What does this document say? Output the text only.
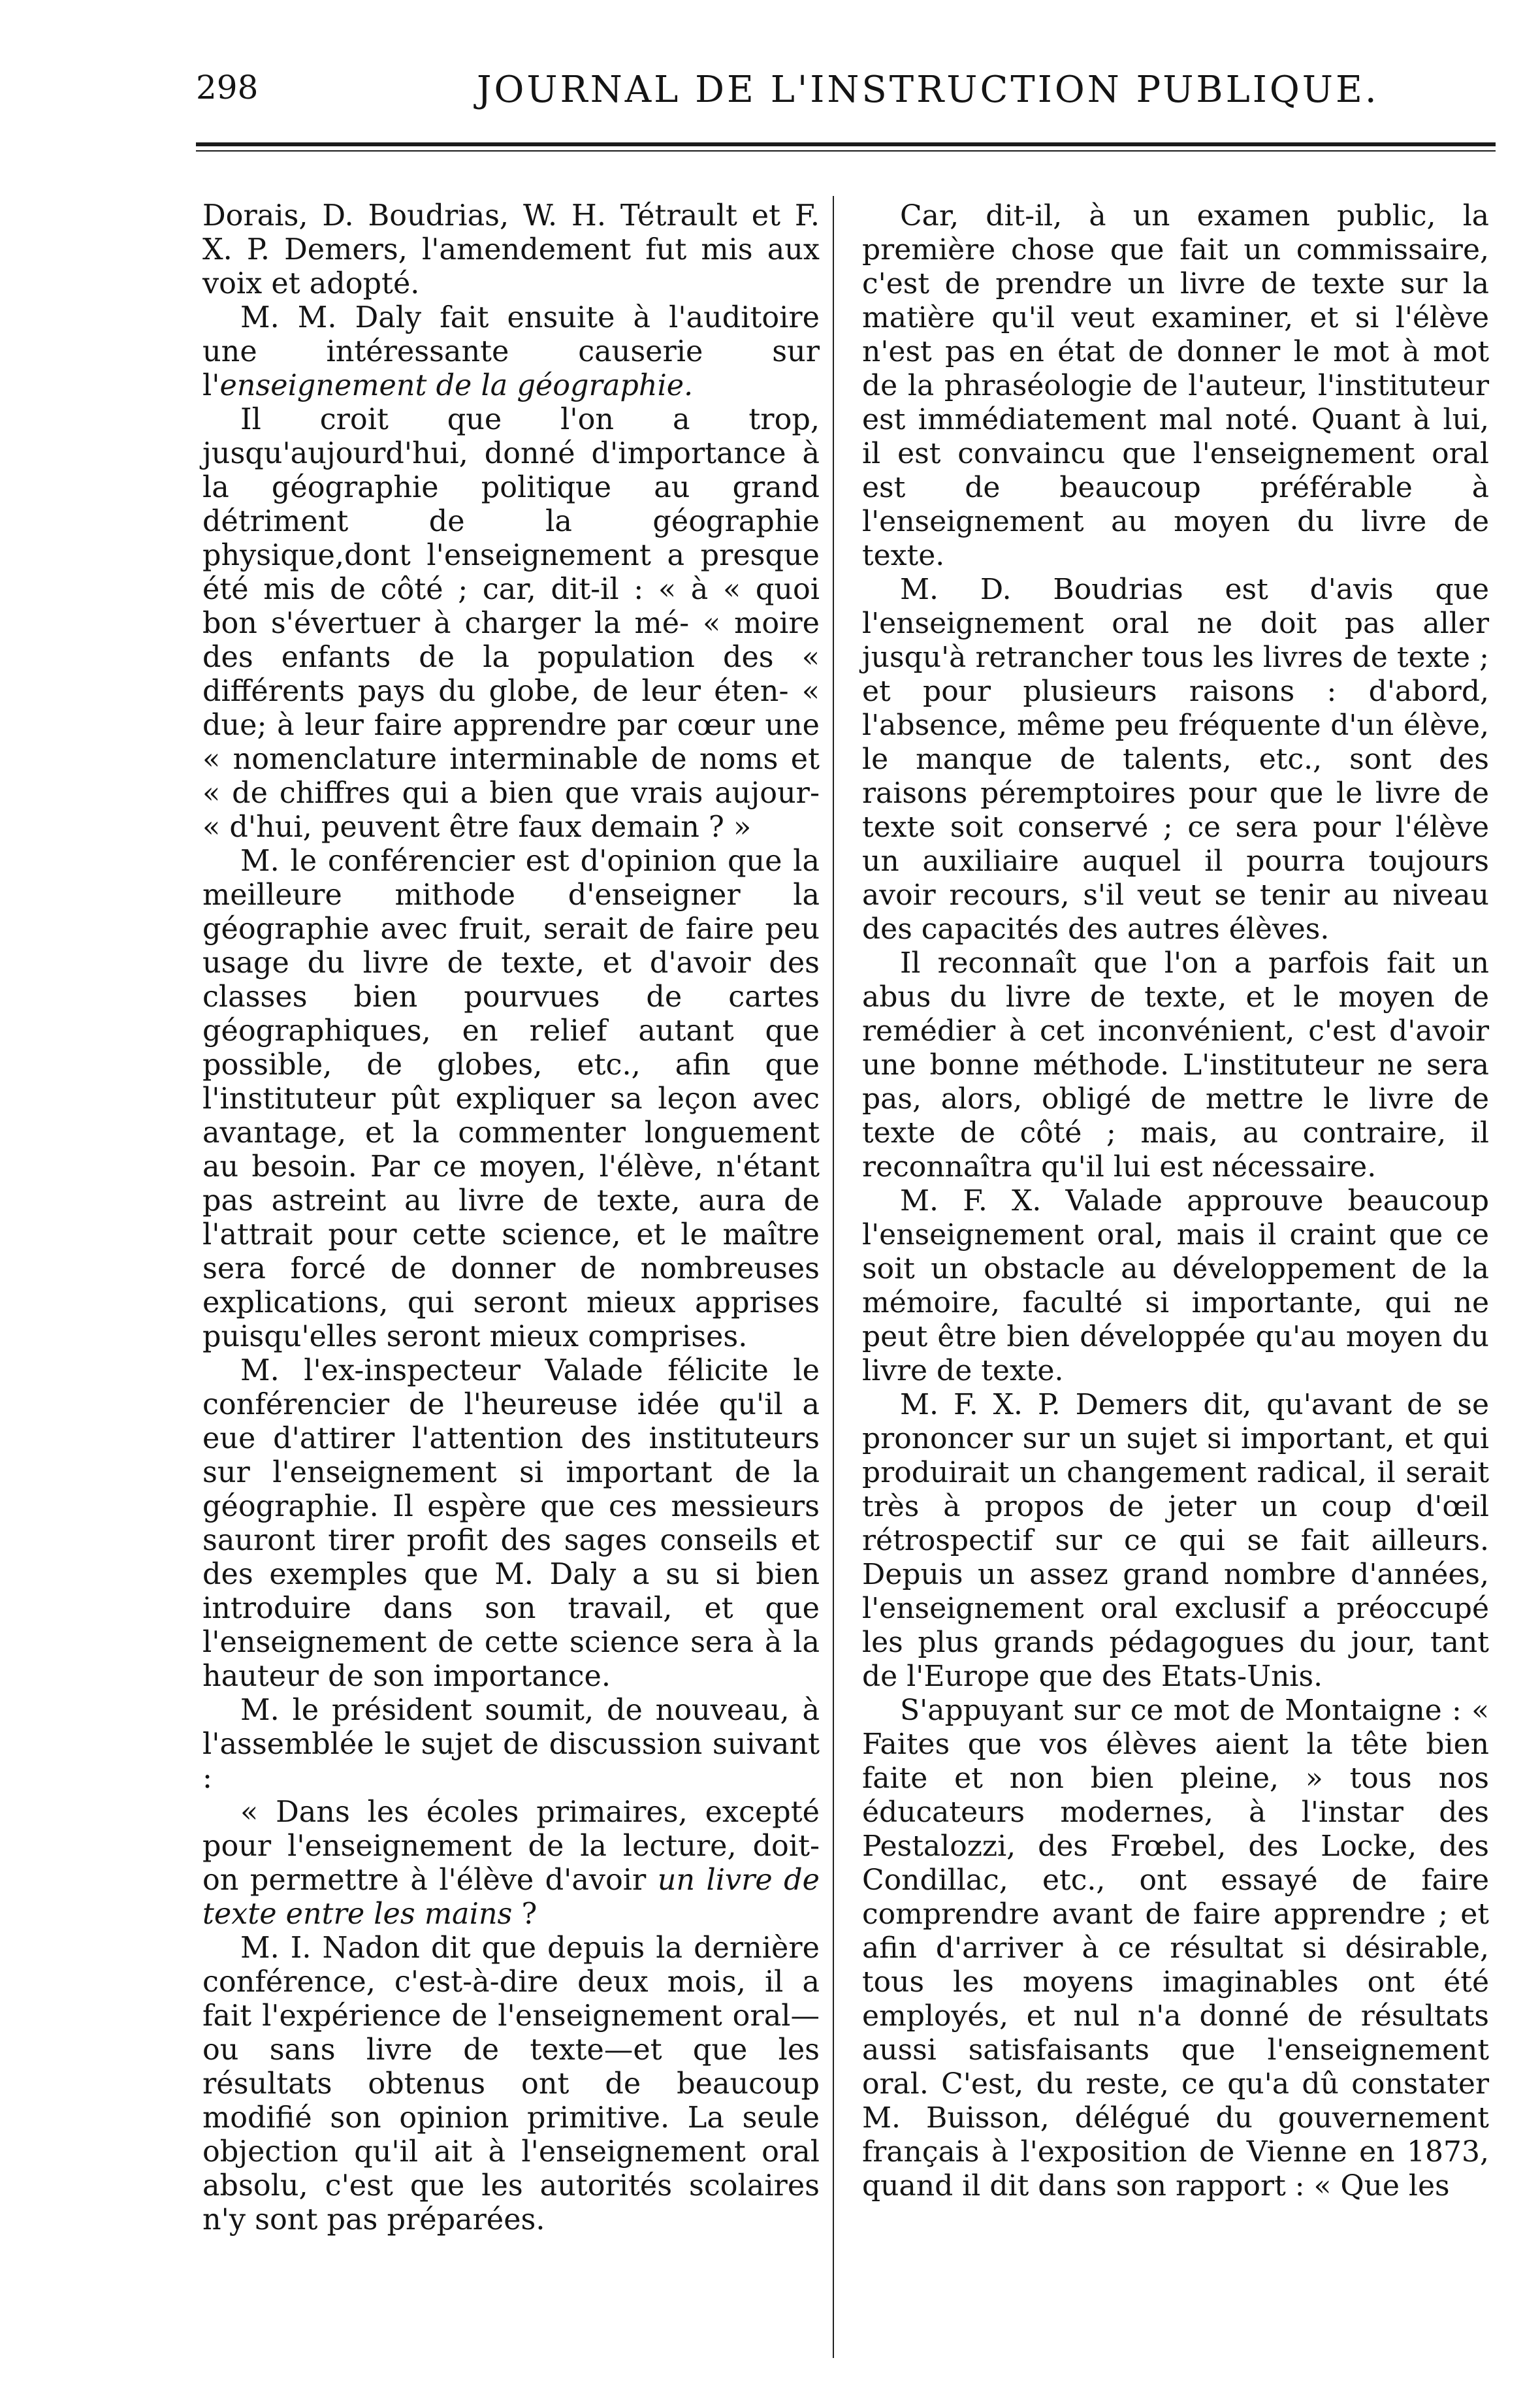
298	JOURNAL DE L'INSTRUCTION PUBLIQUE.

Dorais, D. Boudrias, W. H. Tétrault et F. X. P. Demers, l'amendement fut mis aux voix et adopté.

M. M. Daly fait ensuite à l'auditoire une intéressante causerie sur l'enseignement de la géographie.

Il croit que l'on a trop, jusqu'aujourd'hui, donné d'importance à la géographie politique au grand détriment de la géographie physique,dont l'enseignement a presque été mis de côté ; car, dit-il : « à « quoi bon s'évertuer à charger la mé- « moire des enfants de la population des « différents pays du globe, de leur éten- « due; à leur faire apprendre par cœur une « nomenclature interminable de noms et « de chiffres qui a bien que vrais aujour- « d'hui, peuvent être faux demain ? »

M. le conférencier est d'opinion que la meilleure mithode d'enseigner la géographie avec fruit, serait de faire peu usage du livre de texte, et d'avoir des classes bien pourvues de cartes géographiques, en relief autant que possible, de globes, etc., afin que l'instituteur pût expliquer sa leçon avec avantage, et la commenter longuement au besoin. Par ce moyen, l'élève, n'étant pas astreint au livre de texte, aura de l'attrait pour cette science, et le maître sera forcé de donner de nombreuses explications, qui seront mieux apprises puisqu'elles seront mieux comprises.

M. l'ex-inspecteur Valade félicite le conférencier de l'heureuse idée qu'il a eue d'attirer l'attention des instituteurs sur l'enseignement si important de la géographie. Il espère que ces messieurs sauront tirer profit des sages conseils et des exemples que M. Daly a su si bien introduire dans son travail, et que l'enseignement de cette science sera à la hauteur de son importance.

M. le président soumit, de nouveau, à l'assemblée le sujet de discussion suivant :

« Dans les écoles primaires, excepté pour l'enseignement de la lecture, doit-on permettre à l'élève d'avoir un livre de texte entre les mains ?

M. I. Nadon dit que depuis la dernière conférence, c'est-à-dire deux mois, il a fait l'expérience de l'enseignement oral—ou sans livre de texte—et que les résultats obtenus ont de beaucoup modifié son opinion primitive. La seule objection qu'il ait à l'enseignement oral absolu, c'est que les autorités scolaires n'y sont pas préparées.

Car, dit-il, à un examen public, la première chose que fait un commissaire, c'est de prendre un livre de texte sur la matière qu'il veut examiner, et si l'élève n'est pas en état de donner le mot à mot de la phraséologie de l'auteur, l'instituteur est immédiatement mal noté. Quant à lui, il est convaincu que l'enseignement oral est de beaucoup préférable à l'enseignement au moyen du livre de texte.

M. D. Boudrias est d'avis que l'enseignement oral ne doit pas aller jusqu'à retrancher tous les livres de texte ; et pour plusieurs raisons : d'abord, l'absence, même peu fréquente d'un élève, le manque de talents, etc., sont des raisons péremptoires pour que le livre de texte soit conservé ; ce sera pour l'élève un auxiliaire auquel il pourra toujours avoir recours, s'il veut se tenir au niveau des capacités des autres élèves.

Il reconnaît que l'on a parfois fait un abus du livre de texte, et le moyen de remédier à cet inconvénient, c'est d'avoir une bonne méthode. L'instituteur ne sera pas, alors, obligé de mettre le livre de texte de côté ; mais, au contraire, il reconnaîtra qu'il lui est nécessaire.

M. F. X. Valade approuve beaucoup l'enseignement oral, mais il craint que ce soit un obstacle au développement de la mémoire, faculté si importante, qui ne peut être bien développée qu'au moyen du livre de texte.

M. F. X. P. Demers dit, qu'avant de se prononcer sur un sujet si important, et qui produirait un changement radical, il serait très à propos de jeter un coup d'œil rétrospectif sur ce qui se fait ailleurs. Depuis un assez grand nombre d'années, l'enseignement oral exclusif a préoccupé les plus grands pédagogues du jour, tant de l'Europe que des Etats-Unis.

S'appuyant sur ce mot de Montaigne : « Faites que vos élèves aient la tête bien faite et non bien pleine, » tous nos éducateurs modernes, à l'instar des Pestalozzi, des Frœbel, des Locke, des Condillac, etc., ont essayé de faire comprendre avant de faire apprendre ; et afin d'arriver à ce résultat si désirable, tous les moyens imaginables ont été employés, et nul n'a donné de résultats aussi satisfaisants que l'enseignement oral. C'est, du reste, ce qu'a dû constater M. Buisson, délégué du gouvernement français à l'exposition de Vienne en 1873, quand il dit dans son rapport : « Que les
